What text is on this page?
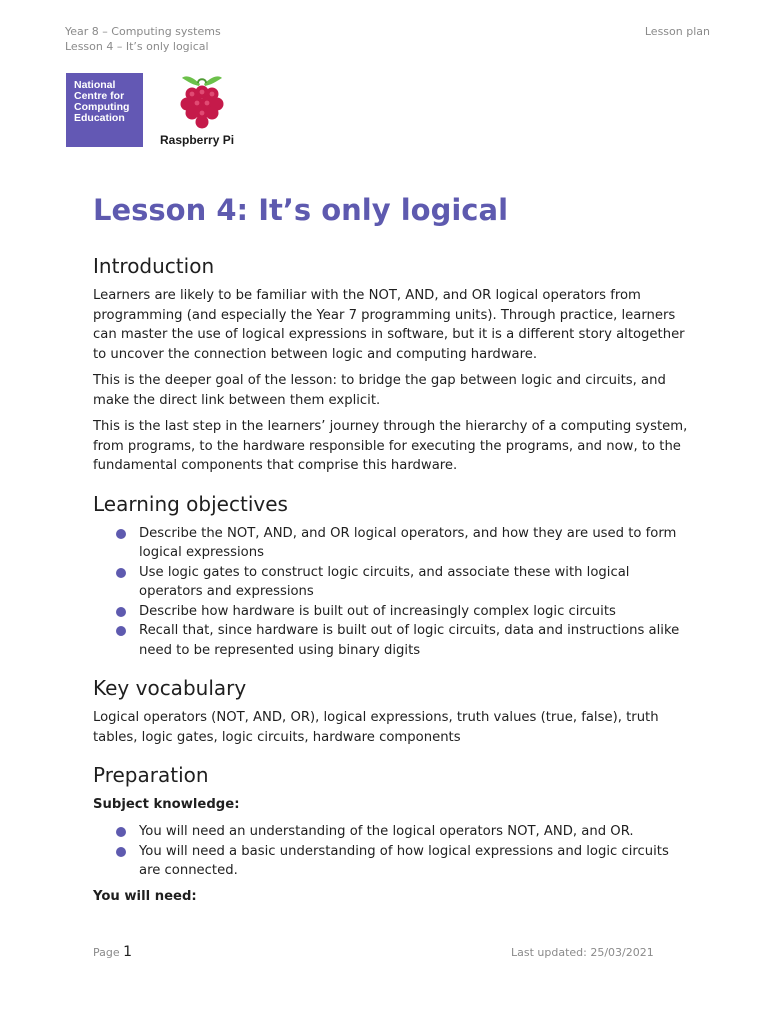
Year 8 – Computing systems
Lesson 4 – It’s only logical
Lesson plan
National
Centre for
Computing
Education
Raspberry Pi
Lesson 4: It’s only logical
Introduction

Learners are likely to be familiar with the NOT, AND, and OR logical operators from programming (and especially the Year 7 programming units). Through practice, learners can master the use of logical expressions in software, but it is a different story altogether to uncover the connection between logic and computing hardware.

This is the deeper goal of the lesson: to bridge the gap between logic and circuits, and make the direct link between them explicit.

This is the last step in the learners’ journey through the hierarchy of a computing system, from programs, to the hardware responsible for executing the programs, and now, to the fundamental components that comprise this hardware.

Learning objectives
Describe the NOT, AND, and OR logical operators, and how they are used to form logical expressions
Use logic gates to construct logic circuits, and associate these with logical operators and expressions
Describe how hardware is built out of increasingly complex logic circuits
Recall that, since hardware is built out of logic circuits, data and instructions alike need to be represented using binary digits
Key vocabulary

Logical operators (NOT, AND, OR), logical expressions, truth values (true, false), truth tables, logic gates, logic circuits, hardware components

Preparation
Subject knowledge:
You will need an understanding of the logical operators NOT, AND, and OR.
You will need a basic understanding of how logical expressions and logic circuits are connected.
You will need:
Page 1	Last updated: 25/03/2021
